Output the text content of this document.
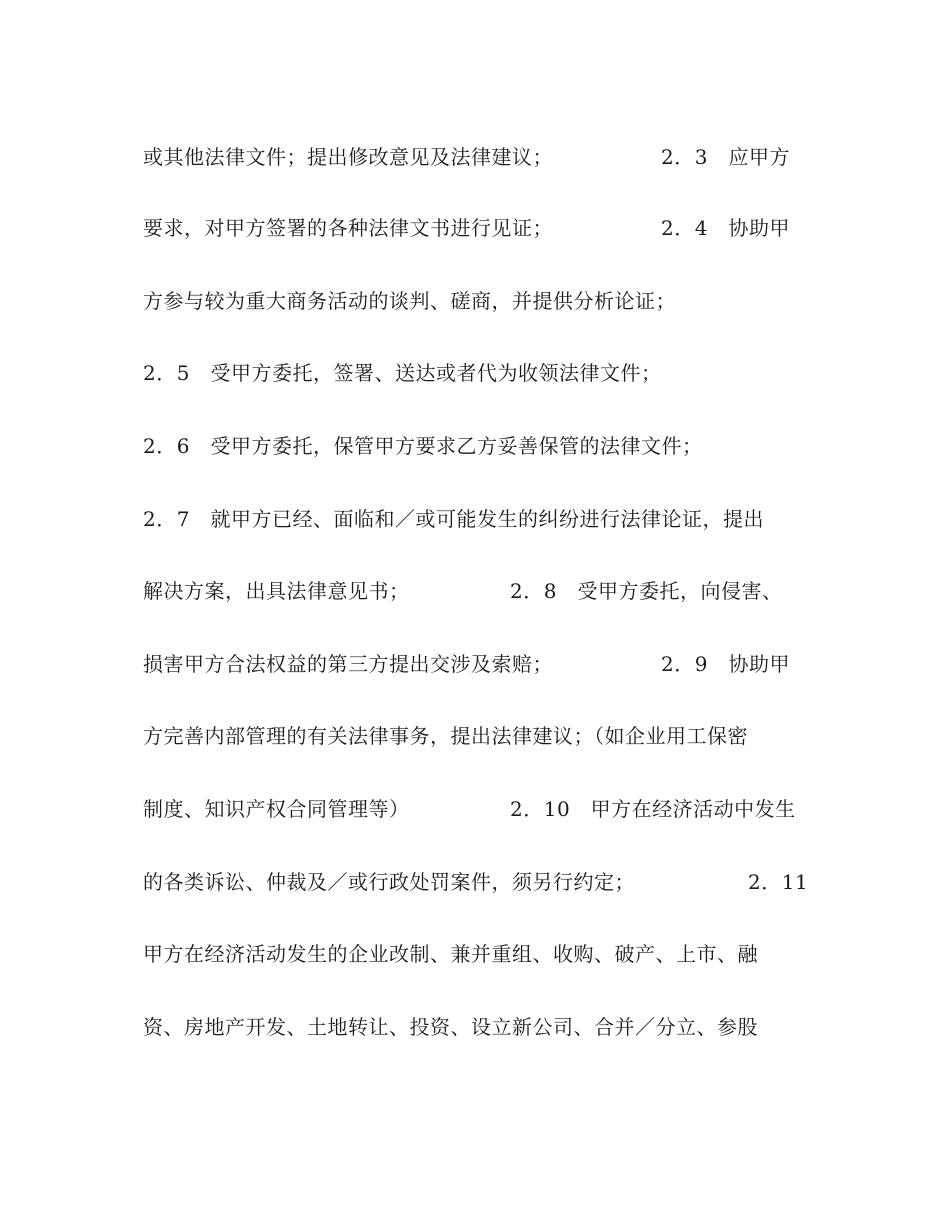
或其他法律文件；提出修改意见及法律建议；

	2．3　应甲方

要求，对甲方签署的各种法律文书进行见证；

	2．4　协助甲

方参与较为重大商务活动的谈判、磋商，并提供分析论证；

2．5　受甲方委托，签署、送达或者代为收领法律文件；

2．6　受甲方委托，保管甲方要求乙方妥善保管的法律文件；

2．7　就甲方已经、面临和／或可能发生的纠纷进行法律论证，提出

解决方案，出具法律意见书；

	2．8　受甲方委托，向侵害、

损害甲方合法权益的第三方提出交涉及索赔；

	2．9　协助甲

方完善内部管理的有关法律事务，提出法律建议；（如企业用工保密

制度、知识产权合同管理等）

	2．10　甲方在经济活动中发生

的各类诉讼、仲裁及／或行政处罚案件，须另行约定；

	2．11

甲方在经济活动发生的企业改制、兼并重组、收购、破产、上市、融

资、房地产开发、土地转让、投资、设立新公司、合并／分立、参股
